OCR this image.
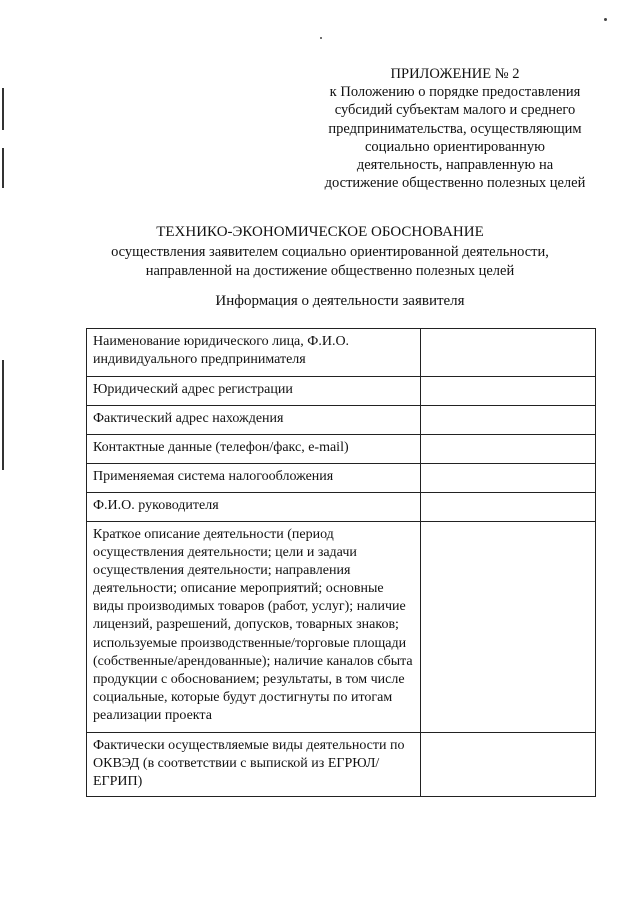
ПРИЛОЖЕНИЕ № 2
к Положению о порядке предоставления
субсидий субъектам малого и среднего
предпринимательства, осуществляющим
социально ориентированную
деятельность, направленную на
достижение общественно полезных целей
ТЕХНИКО-ЭКОНОМИЧЕСКОЕ ОБОСНОВАНИЕ
осуществления заявителем социально ориентированной деятельности,
направленной на достижение общественно полезных целей
Информация о деятельности заявителя
Наименование юридического лица, Ф.И.О. индивидуального предпринимателя	
Юридический адрес регистрации	
Фактический адрес нахождения	
Контактные данные (телефон/факс, e-mail)	
Применяемая система налогообложения	
Ф.И.О. руководителя	
Краткое описание деятельности (период осуществления деятельности; цели и задачи осуществления деятельности; направления деятельности; описание мероприятий; основные виды производимых товаров (работ, услуг); наличие лицензий, разрешений, допусков, товарных знаков; используемые производственные/торговые площади (собственные/арендованные); наличие каналов сбыта продукции с обоснованием; результаты, в том числе социальные, которые будут достигнуты по итогам реализации проекта	
Фактически осуществляемые виды деятельности по ОКВЭД (в соответствии с выпиской из ЕГРЮЛ/ЕГРИП)	
